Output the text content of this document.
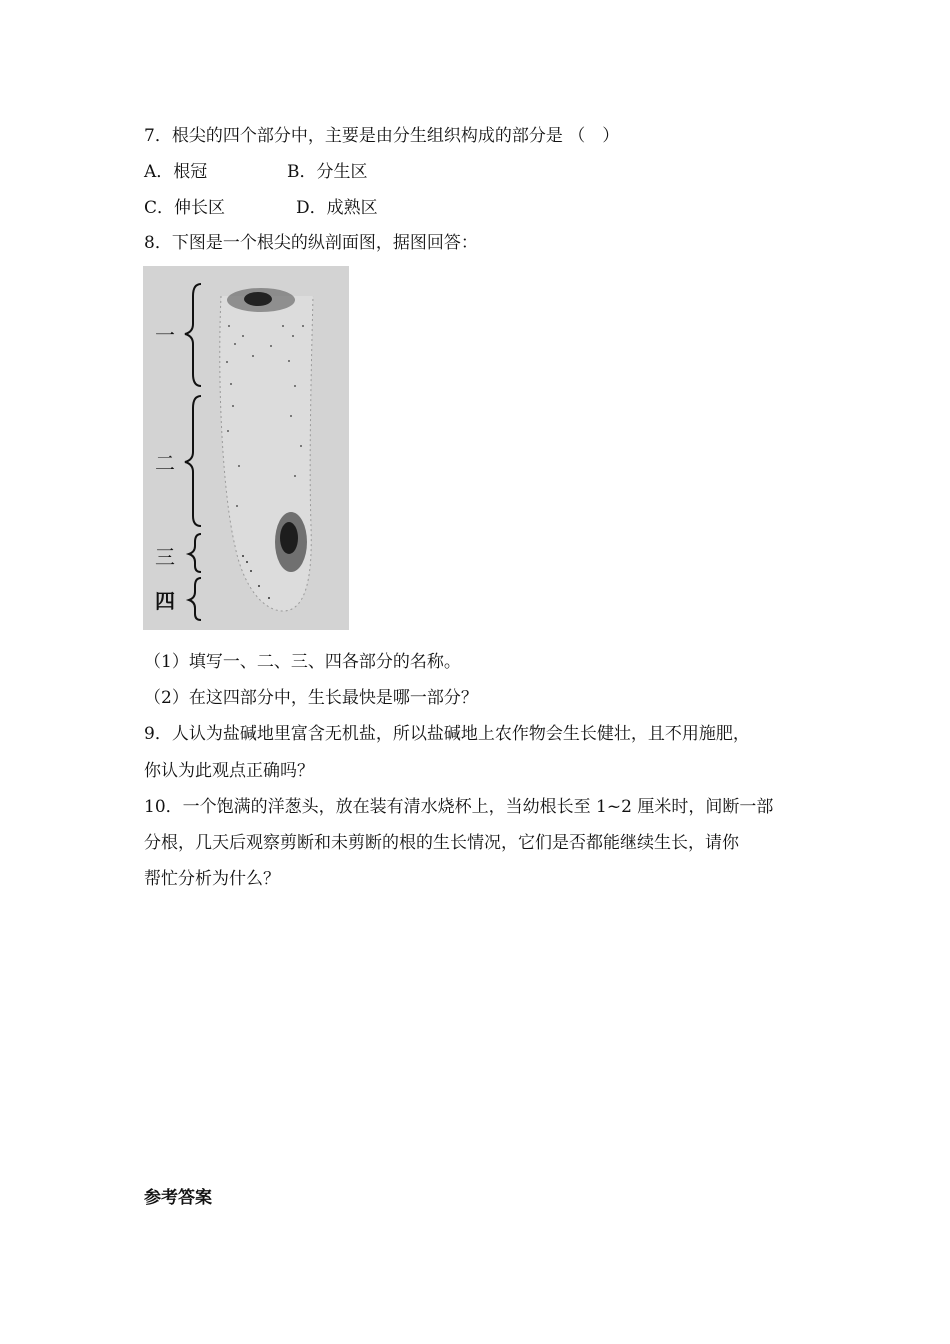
7．根尖的四个部分中，主要是由分生组织构成的部分是 （　）
A．根冠	B．分生区
C．伸长区	D．成熟区
8．下图是一个根尖的纵剖面图，据图回答：
一
二
三
四
（1）填写一、二、三、四各部分的名称。
（2）在这四部分中，生长最快是哪一部分？
9．人认为盐碱地里富含无机盐，所以盐碱地上农作物会生长健壮，且不用施肥，
你认为此观点正确吗？
10．一个饱满的洋葱头，放在装有清水烧杯上，当幼根长至 1~2 厘米时，间断一部
分根，几天后观察剪断和未剪断的根的生长情况，它们是否都能继续生长，请你
帮忙分析为什么？
参考答案
